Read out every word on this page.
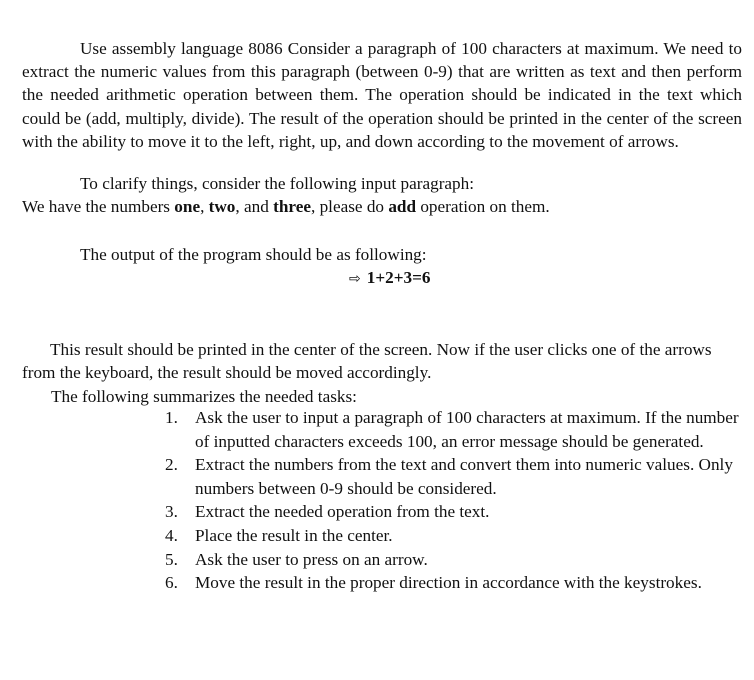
Use assembly language 8086 Consider a paragraph of 100 characters at maximum. We need to extract the numeric values from this paragraph (between 0-9) that are written as text and then perform the needed arithmetic operation between them. The operation should be indicated in the text which could be (add, multiply, divide). The result of the operation should be printed in the center of the screen with the ability to move it to the left, right, up, and down according to the movement of arrows.

To clarify things, consider the following input paragraph:

We have the numbers one, two, and three, please do add operation on them.

The output of the program should be as following:

⇨ 1+2+3=6

This result should be printed in the center of the screen. Now if the user clicks one of the arrows from the keyboard, the result should be moved accordingly.

The following summarizes the needed tasks:

1. Ask the user to input a paragraph of 100 characters at maximum. If the number of inputted characters exceeds 100, an error message should be generated.
2. Extract the numbers from the text and convert them into numeric values. Only numbers between 0-9 should be considered.
3. Extract the needed operation from the text.
4. Place the result in the center.
5. Ask the user to press on an arrow.
6. Move the result in the proper direction in accordance with the keystrokes.
